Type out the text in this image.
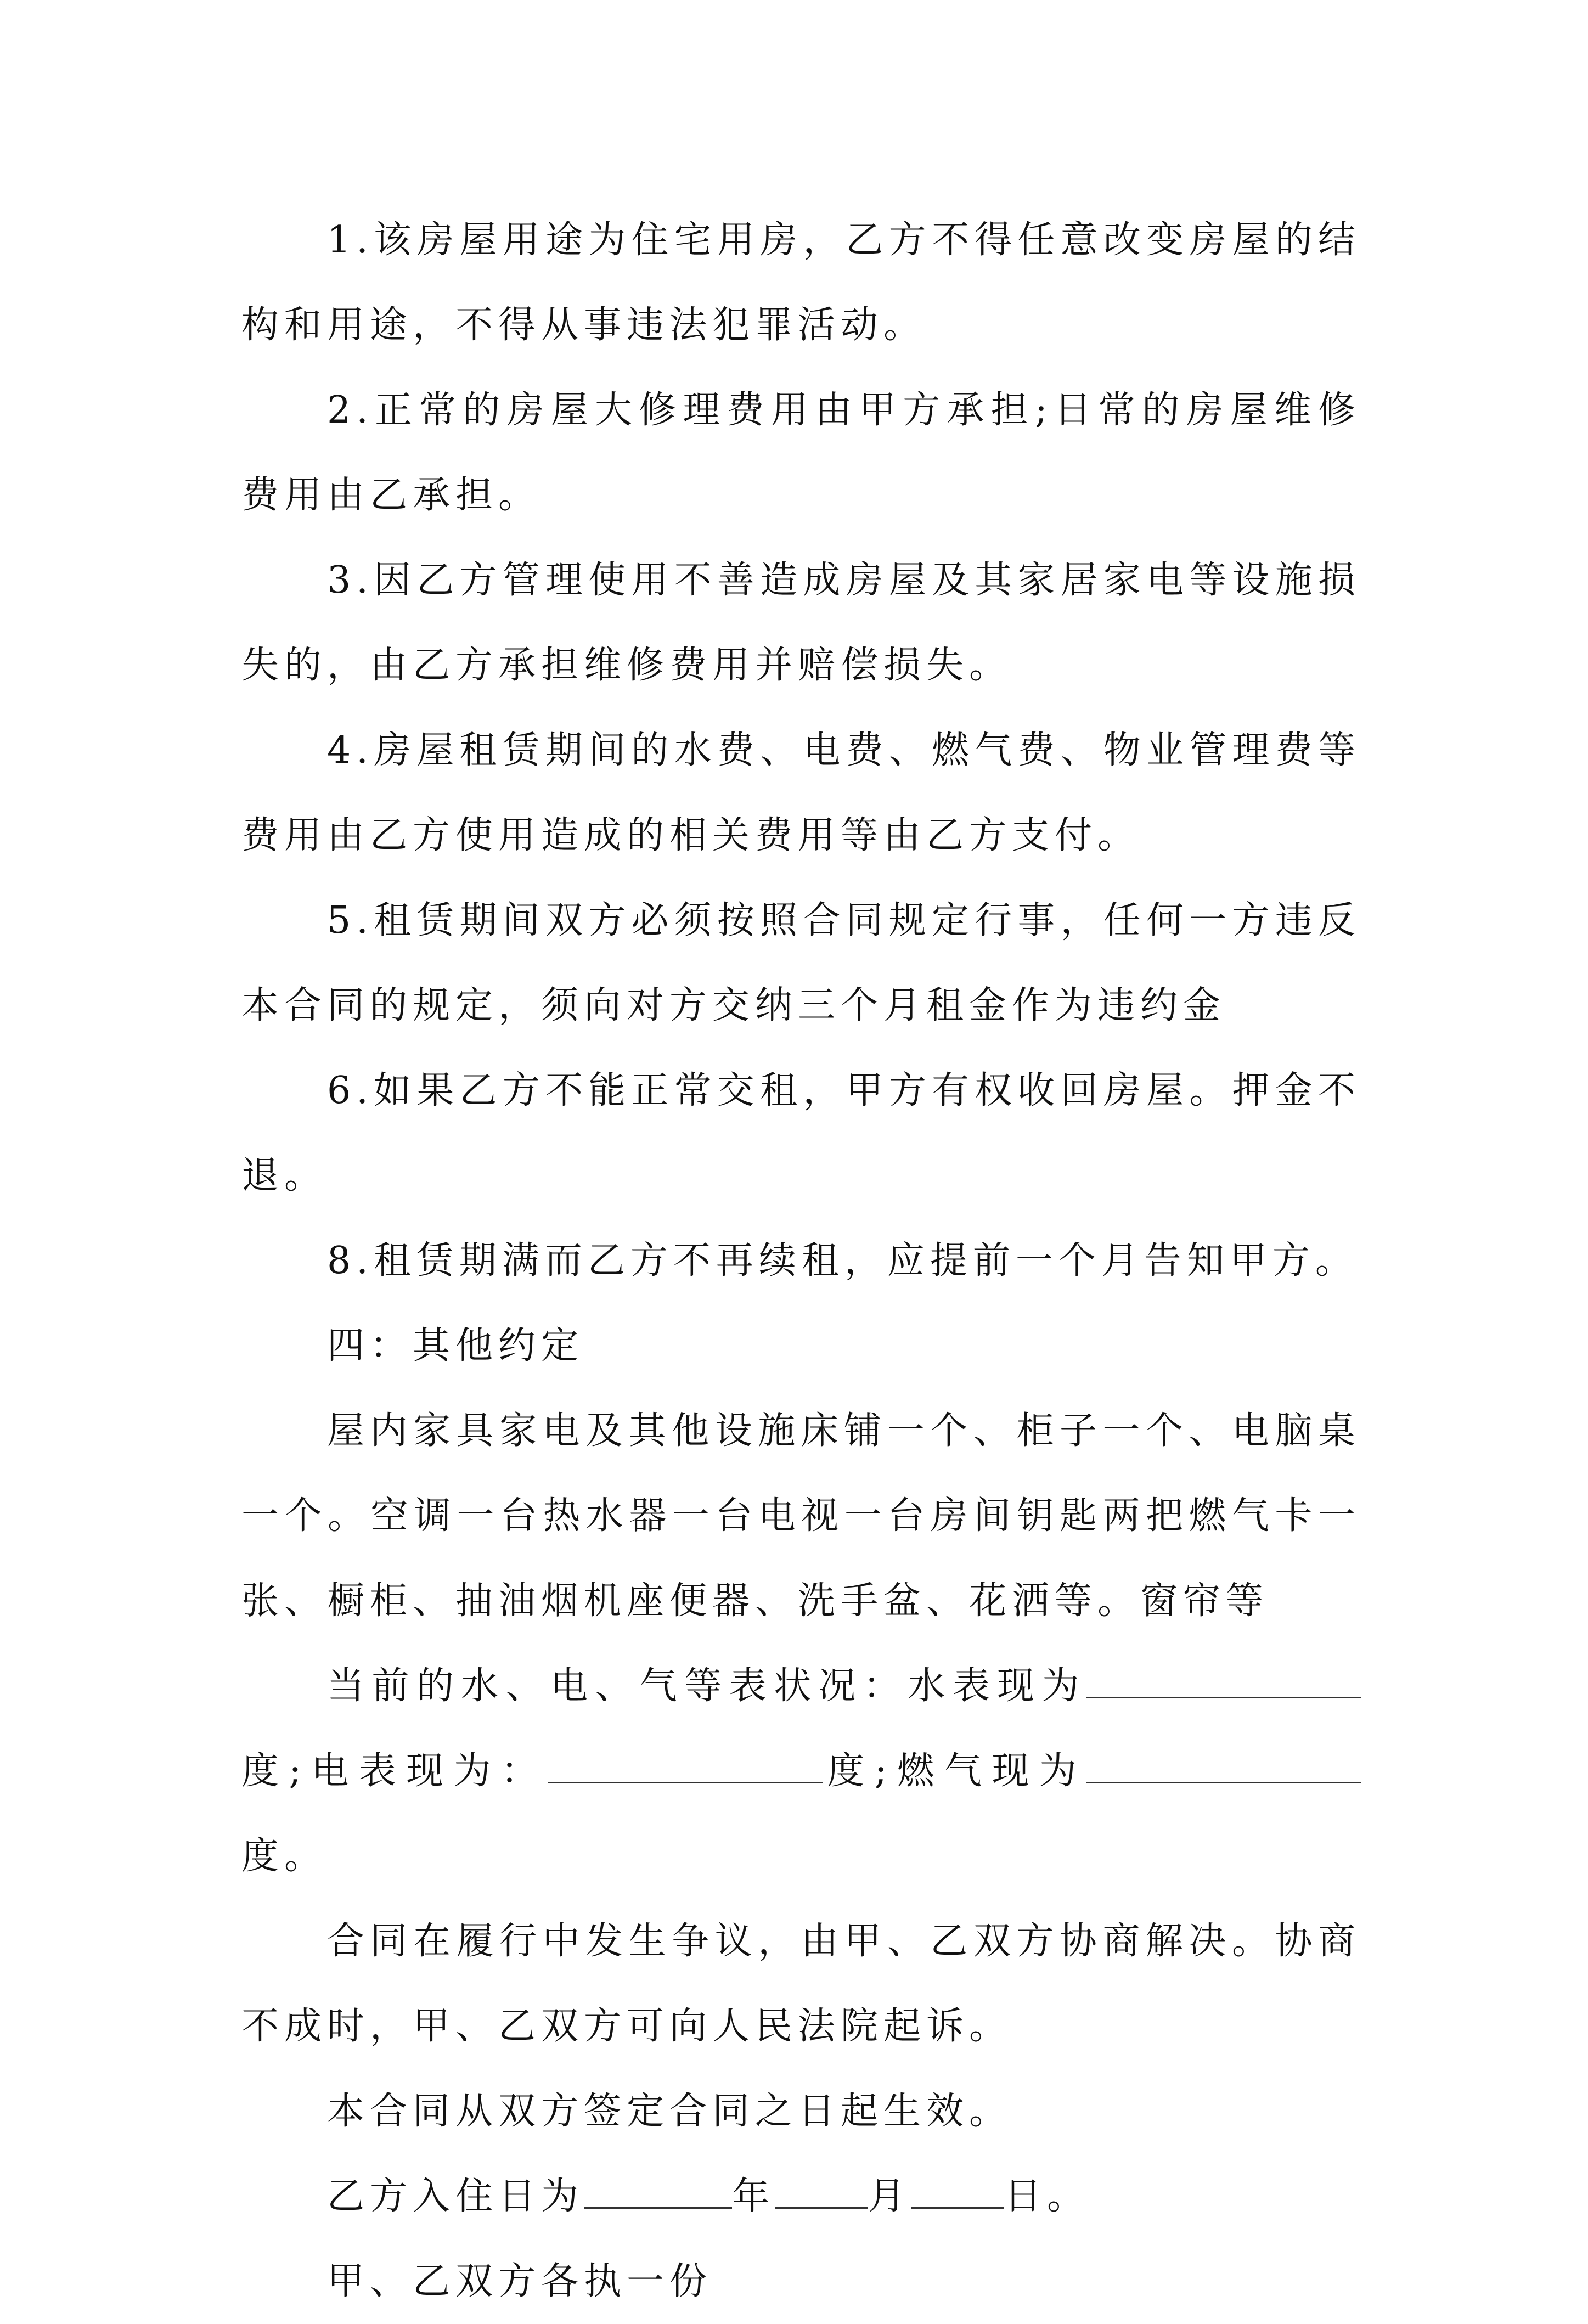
1.该房屋用途为住宅用房，乙方不得任意改变房屋的结构和用途，不得从事违法犯罪活动。

2.正常的房屋大修理费用由甲方承担;日常的房屋维修费用由乙承担。

3.因乙方管理使用不善造成房屋及其家居家电等设施损失的，由乙方承担维修费用并赔偿损失。

4.房屋租赁期间的水费、电费、燃气费、物业管理费等费用由乙方使用造成的相关费用等由乙方支付。

5.租赁期间双方必须按照合同规定行事，任何一方违反本合同的规定，须向对方交纳三个月租金作为违约金

6.如果乙方不能正常交租，甲方有权收回房屋。押金不退。

8.租赁期满而乙方不再续租，应提前一个月告知甲方。

四：其他约定

屋内家具家电及其他设施床铺一个、柜子一个、电脑桌一个。空调一台热水器一台电视一台房间钥匙两把燃气卡一张、橱柜、抽油烟机座便器、洗手盆、花洒等。窗帘等

当前的水、电、气等表状况：水表现为度;电表现为：	度;燃气现为度。

合同在履行中发生争议，由甲、乙双方协商解决。协商不成时，甲、乙双方可向人民法院起诉。

本合同从双方签定合同之日起生效。

乙方入住日为	年	月	日。

甲、乙双方各执一份
